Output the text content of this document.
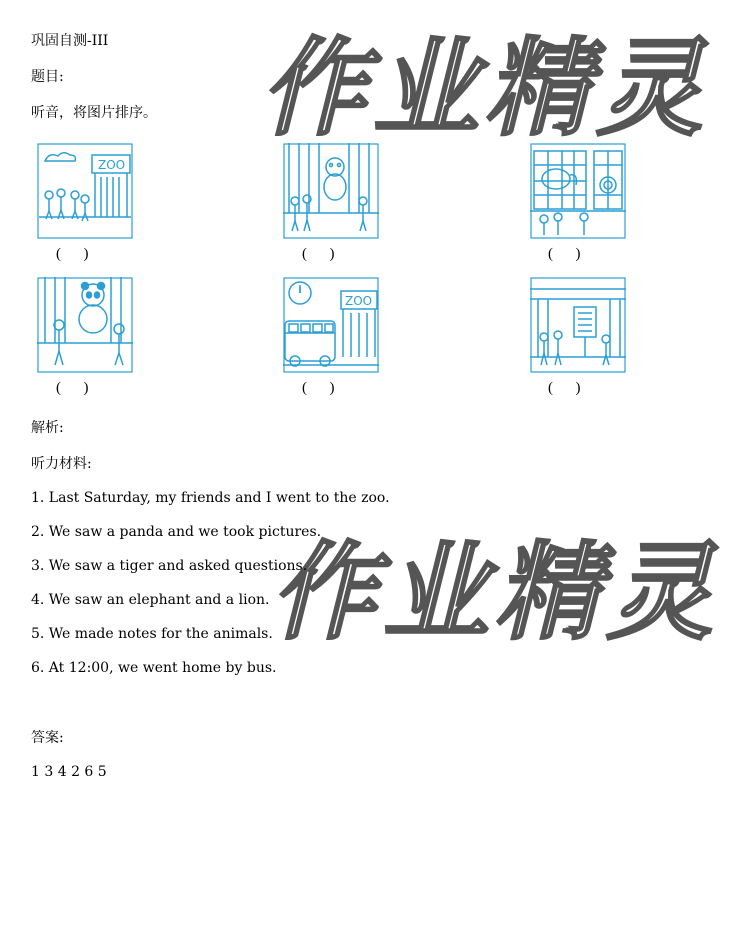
作业精灵
作业精灵
巩固自测-III
题目:
听音，将图片排序。
ZOO
(      )	(      )	(      )
(      )
ZOO
(      )	(      )
解析:
听力材料:
1. Last Saturday, my friends and I went to the zoo.
2. We saw a panda and we took pictures.
3. We saw a tiger and asked questions.
4. We saw an elephant and a lion.
5. We made notes for the animals.
6. At 12:00, we went home by bus.
答案:
1 3 4 2 6 5
